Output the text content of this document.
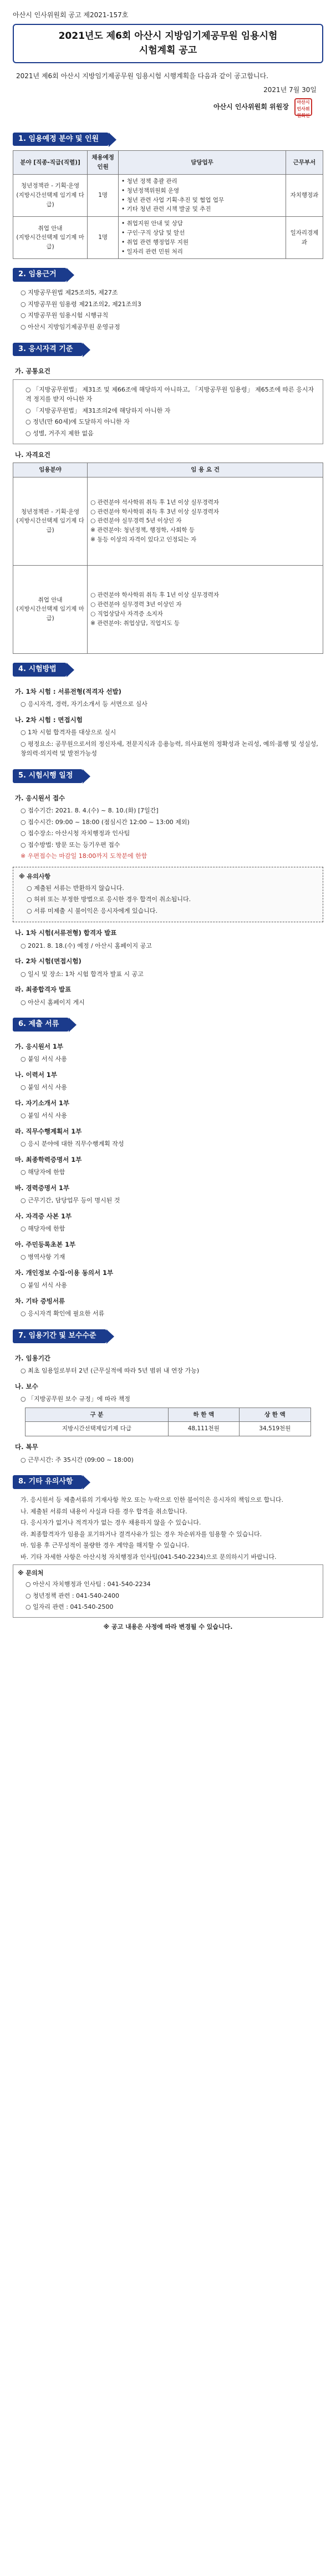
아산시 인사위원회 공고 제2021-157호
2021년도 제6회 아산시 지방임기제공무원 임용시험
시험계획 공고
2021년 제6회 아산시 지방임기제공무원 임용시험 시행계획을 다음과 같이 공고합니다.
2021년 7월 30일
아산시 인사위원회 위원장 아산시인사위원회인
1. 임용예정 분야 및 인원
분야 [직종-직급(직렬)]	채용예정 인원	담당업무	근무부서
청년정책관 - 기획·운영
(지방시간선택제 임기제 다급)	1명	• 청년 정책 총괄 관리
• 청년정책위원회 운영
• 청년 관련 사업 기획·추진 및 협업 업무
• 기타 청년 관련 시책 발굴 및 추진	자치행정과
취업 안내
(지방시간선택제 임기제 마급)	1명	• 취업지원 안내 및 상담
• 구인·구직 상담 및 알선
• 취업 관련 행정업무 지원
• 일자리 관련 민원 처리	일자리경제과
2. 임용근거
○ 지방공무원법 제25조의5, 제27조
○ 지방공무원 임용령 제21조의2, 제21조의3
○ 지방공무원 임용시험 시행규칙
○ 아산시 지방임기제공무원 운영규정
3. 응시자격 기준
가. 공통요건
○ 「지방공무원법」 제31조 및 제66조에 해당하지 아니하고, 「지방공무원 임용령」 제65조에 따른 응시자격 정지를 받지 아니한 자
○ 「지방공무원법」 제31조의2에 해당하지 아니한 자
○ 정년(만 60세)에 도달하지 아니한 자
○ 성별, 거주지 제한 없음
나. 자격요건
임용분야	임 용 요 건
청년정책관 - 기획·운영
(지방시간선택제 임기제 다급)	○ 관련분야 석사학위 취득 후 1년 이상 실무경력자
○ 관련분야 학사학위 취득 후 3년 이상 실무경력자
○ 관련분야 실무경력 5년 이상인 자
※ 관련분야: 청년정책, 행정학, 사회학 등
※ 동등 이상의 자격이 있다고 인정되는 자
취업 안내
(지방시간선택제 임기제 마급)	○ 관련분야 학사학위 취득 후 1년 이상 실무경력자
○ 관련분야 실무경력 3년 이상인 자
○ 직업상담사 자격증 소지자
※ 관련분야: 취업상담, 직업지도 등
4. 시험방법
가. 1차 시험 : 서류전형(적격자 선발)
○ 응시자격, 경력, 자기소개서 등 서면으로 심사
나. 2차 시험 : 면접시험
○ 1차 시험 합격자를 대상으로 실시
○ 평정요소: 공무원으로서의 정신자세, 전문지식과 응용능력, 의사표현의 정확성과 논리성, 예의·품행 및 성실성, 창의력·의지력 및 발전가능성
5. 시험시행 일정
가. 응시원서 접수
○ 접수기간: 2021. 8. 4.(수) ~ 8. 10.(화) [7일간]
○ 접수시간: 09:00 ~ 18:00 (점심시간 12:00 ~ 13:00 제외)
○ 접수장소: 아산시청 자치행정과 인사팀
○ 접수방법: 방문 또는 등기우편 접수
※ 우편접수는 마감일 18:00까지 도착분에 한함
※ 유의사항
○ 제출된 서류는 반환하지 않습니다.
○ 허위 또는 부정한 방법으로 응시한 경우 합격이 취소됩니다.
○ 서류 미제출 시 불이익은 응시자에게 있습니다.
나. 1차 시험(서류전형) 합격자 발표
○ 2021. 8. 18.(수) 예정 / 아산시 홈페이지 공고
다. 2차 시험(면접시험)
○ 일시 및 장소: 1차 시험 합격자 발표 시 공고
라. 최종합격자 발표
○ 아산시 홈페이지 게시
6. 제출 서류
가. 응시원서 1부
○ 붙임 서식 사용
나. 이력서 1부
○ 붙임 서식 사용
다. 자기소개서 1부
○ 붙임 서식 사용
라. 직무수행계획서 1부
○ 응시 분야에 대한 직무수행계획 작성
마. 최종학력증명서 1부
○ 해당자에 한함
바. 경력증명서 1부
○ 근무기간, 담당업무 등이 명시된 것
사. 자격증 사본 1부
○ 해당자에 한함
아. 주민등록초본 1부
○ 병역사항 기재
자. 개인정보 수집·이용 동의서 1부
○ 붙임 서식 사용
차. 기타 증빙서류
○ 응시자격 확인에 필요한 서류
7. 임용기간 및 보수수준
가. 임용기간
○ 최초 임용일로부터 2년 (근무실적에 따라 5년 범위 내 연장 가능)
나. 보수
○ 「지방공무원 보수 규정」에 따라 책정
구 분	하 한 액	상 한 액
지방시간선택제임기제 다급	48,111천원	34,519천원
다. 복무
○ 근무시간: 주 35시간 (09:00 ~ 18:00)
8. 기타 유의사항
가. 응시원서 등 제출서류의 기재사항 착오 또는 누락으로 인한 불이익은 응시자의 책임으로 합니다.
나. 제출된 서류의 내용이 사실과 다를 경우 합격을 취소합니다.
다. 응시자가 없거나 적격자가 없는 경우 채용하지 않을 수 있습니다.
라. 최종합격자가 임용을 포기하거나 결격사유가 있는 경우 차순위자를 임용할 수 있습니다.
마. 임용 후 근무성적이 불량한 경우 계약을 해지할 수 있습니다.
바. 기타 자세한 사항은 아산시청 자치행정과 인사팀(041-540-2234)으로 문의하시기 바랍니다.
※ 문의처
○ 아산시 자치행정과 인사팀 : 041-540-2234
○ 청년정책 관련 : 041-540-2400
○ 일자리 관련 : 041-540-2500
※ 공고 내용은 사정에 따라 변경될 수 있습니다.
